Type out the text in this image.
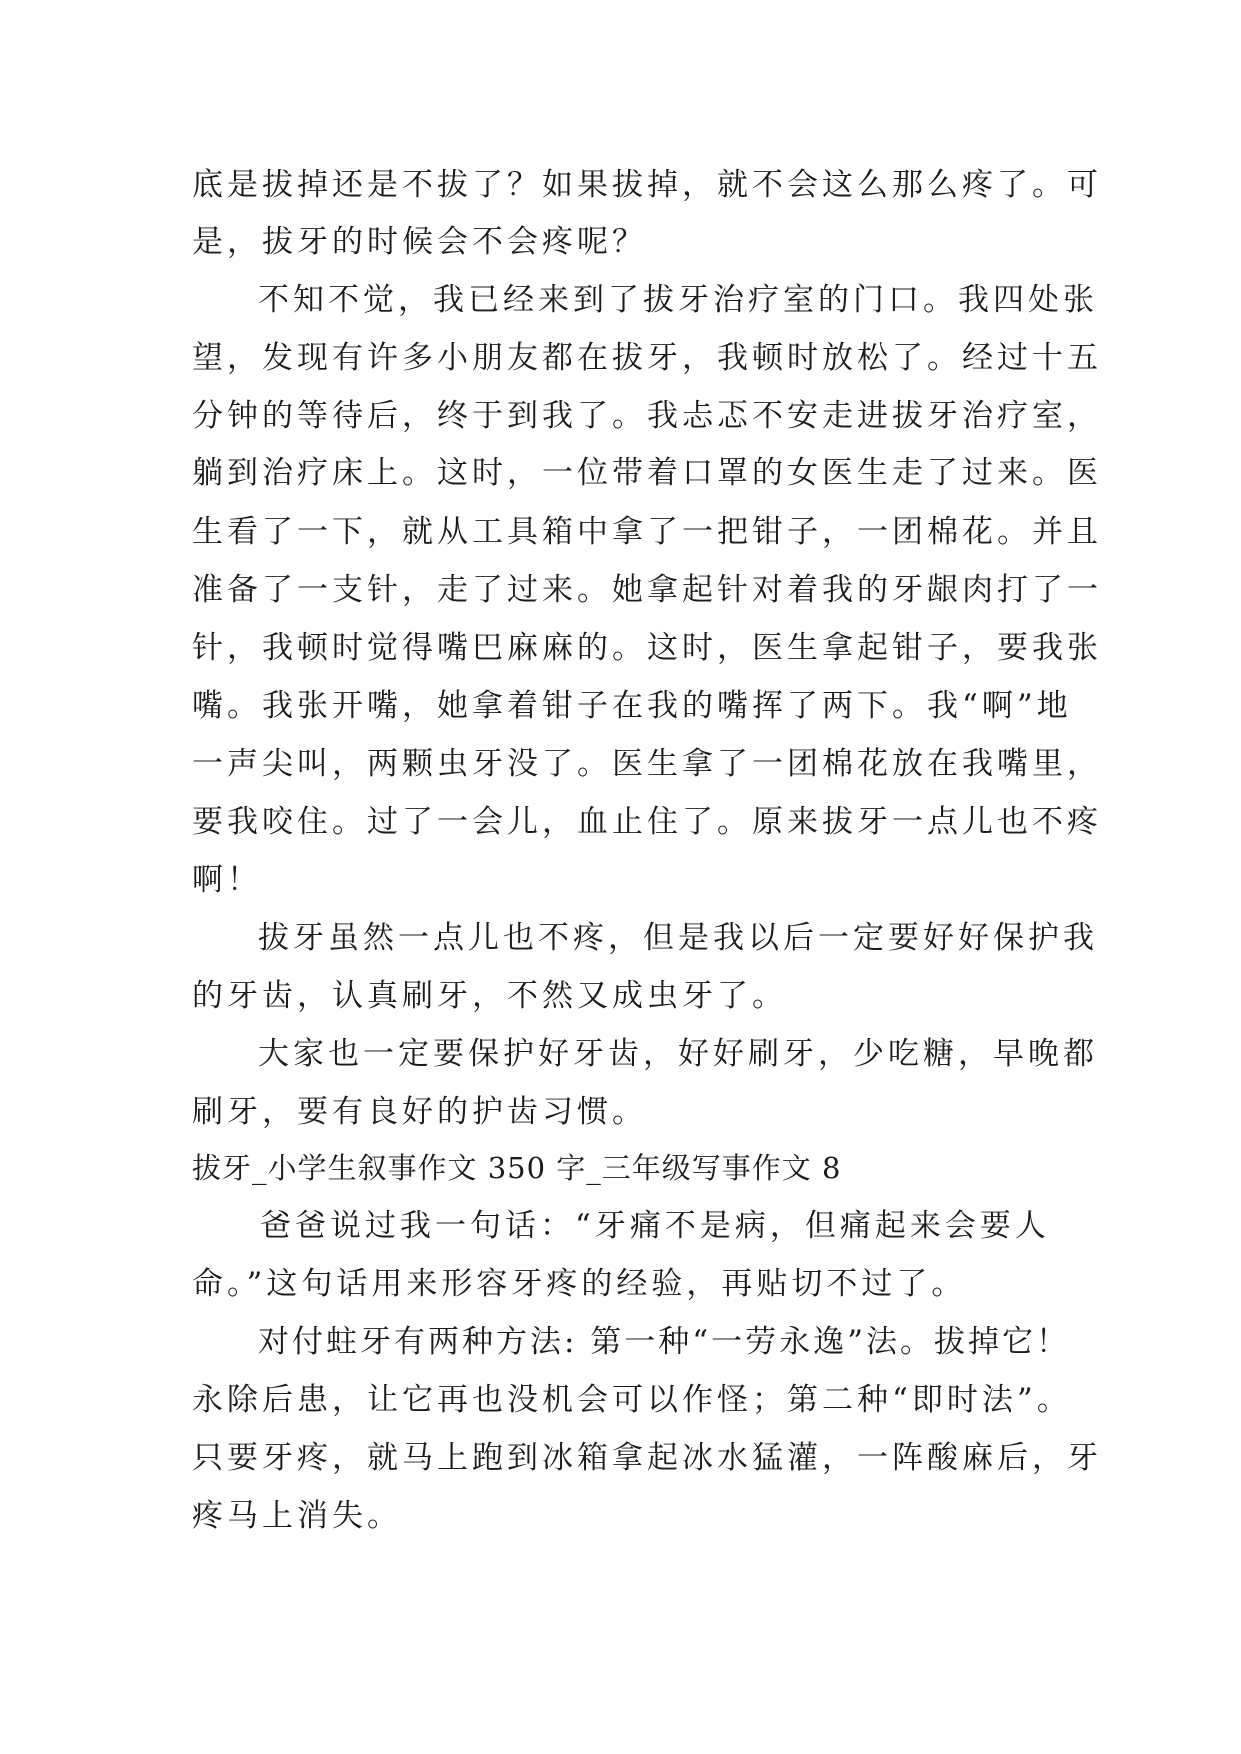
底是拔掉还是不拔了？如果拔掉，就不会这么那么疼了。可
是，拔牙的时候会不会疼呢？
不知不觉，我已经来到了拔牙治疗室的门口。我四处张
望，发现有许多小朋友都在拔牙，我顿时放松了。经过十五
分钟的等待后，终于到我了。我忐忑不安走进拔牙治疗室，
躺到治疗床上。这时，一位带着口罩的女医生走了过来。医
生看了一下，就从工具箱中拿了一把钳子，一团棉花。并且
准备了一支针，走了过来。她拿起针对着我的牙龈肉打了一
针，我顿时觉得嘴巴麻麻的。这时，医生拿起钳子，要我张
嘴。我张开嘴，她拿着钳子在我的嘴挥了两下。我“啊”地
一声尖叫，两颗虫牙没了。医生拿了一团棉花放在我嘴里，
要我咬住。过了一会儿，血止住了。原来拔牙一点儿也不疼
啊！
拔牙虽然一点儿也不疼，但是我以后一定要好好保护我
的牙齿，认真刷牙，不然又成虫牙了。
大家也一定要保护好牙齿，好好刷牙，少吃糖，早晚都
刷牙，要有良好的护齿习惯。
拔牙_小学生叙事作文 350 字_三年级写事作文 8
爸爸说过我一句话：“牙痛不是病，但痛起来会要人
命。”这句话用来形容牙疼的经验，再贴切不过了。
对付蛀牙有两种方法: 第一种“一劳永逸”法。拔掉它！
永除后患，让它再也没机会可以作怪；第二种“即时法”。
只要牙疼，就马上跑到冰箱拿起冰水猛灌，一阵酸麻后，牙
疼马上消失。
